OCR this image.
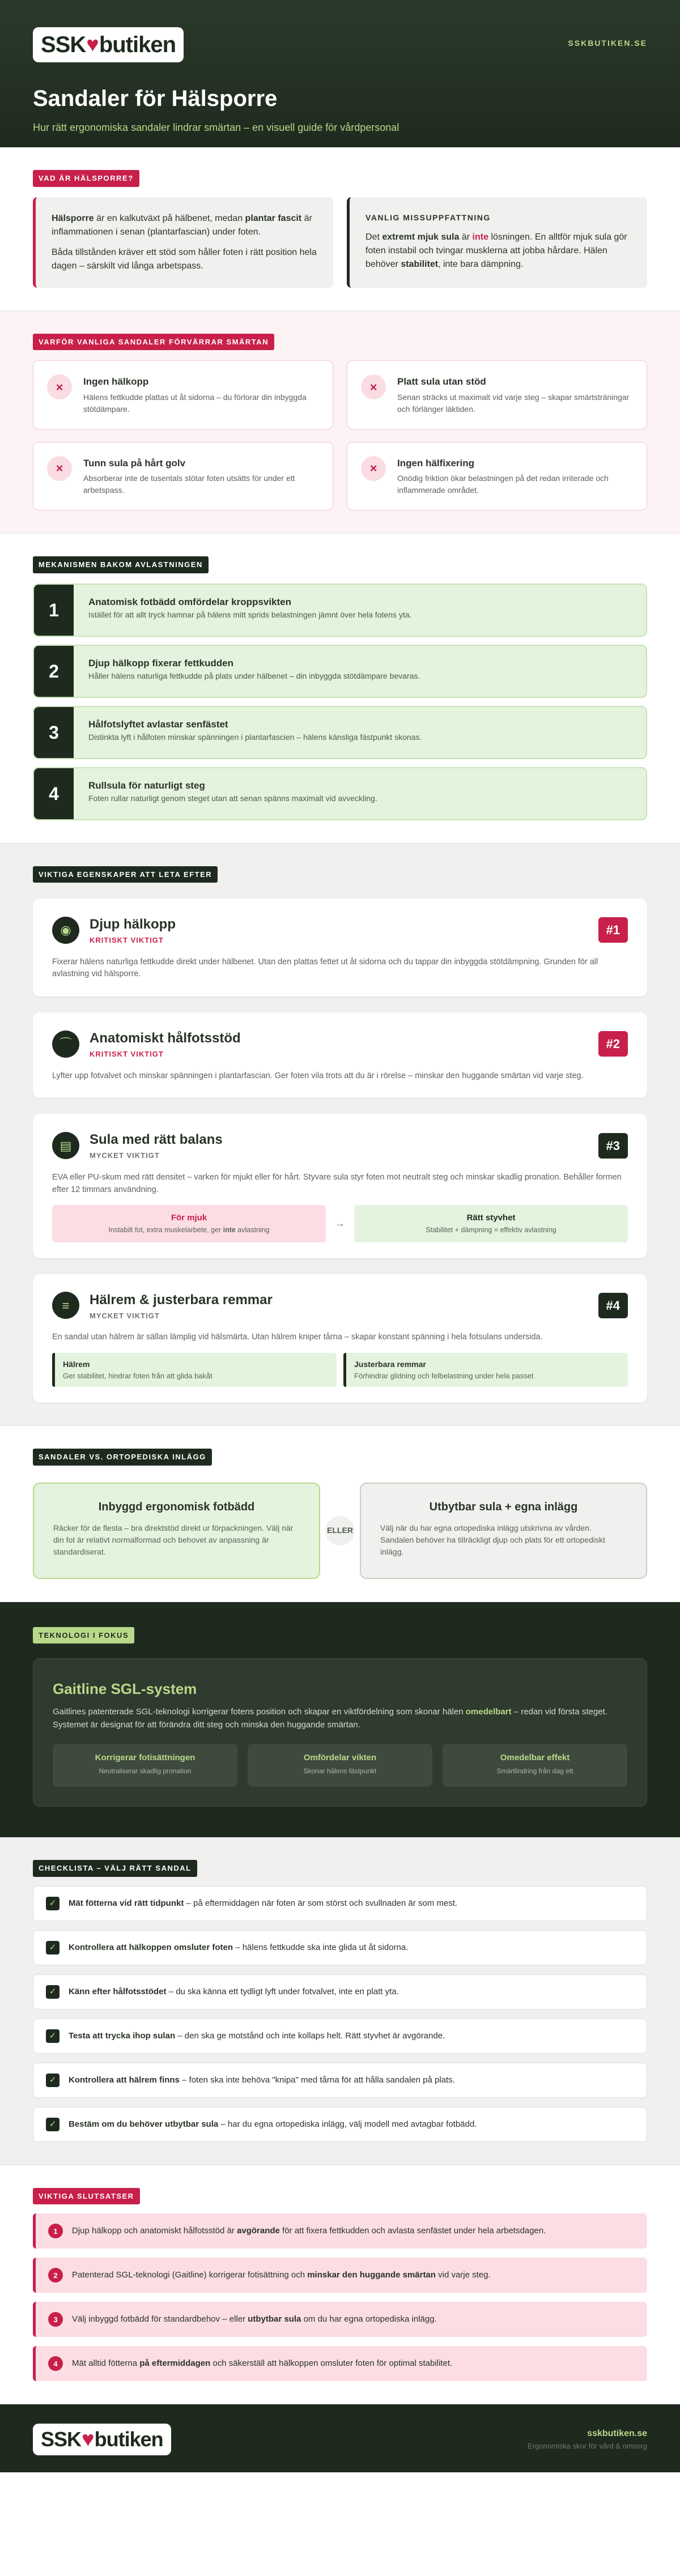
SSK ♥ butiken	SSKBUTIKEN.SE
Sandaler för Hälsporre
Hur rätt ergonomiska sandaler lindrar smärtan – en visuell guide för vårdpersonal
VAD ÄR HÄLSPORRE?

Hälsporre är en kalkutväxt på hälbenet, medan plantar fascit är inflammationen i senan (plantarfascian) under foten.

Båda tillstånden kräver ett stöd som håller foten i rätt position hela dagen – särskilt vid långa arbetspass.

VANLIG MISSUPPFATTNING

Det extremt mjuk sula är inte lösningen. En alltför mjuk sula gör foten instabil och tvingar musklerna att jobba hårdare. Hälen behöver stabilitet, inte bara dämpning.

VARFÖR VANLIGA SANDALER FÖRVÄRRAR SMÄRTAN
×	Ingen hälkopp

Hälens fettkudde plattas ut åt sidorna – du förlorar din inbyggda stötdämpare.

×	Platt sula utan stöd

Senan sträcks ut maximalt vid varje steg – skapar smärtsträningar och förlänger läktiden.

×	Tunn sula på hårt golv

Absorberar inte de tusentals stötar foten utsätts för under ett arbetspass.

×	Ingen hälfixering

Onödig friktion ökar belastningen på det redan irriterade och inflammerade området.

MEKANISMEN BAKOM AVLASTNINGEN
1	Anatomisk fotbädd omfördelar kroppsvikten

Istället för att allt tryck hamnar på hälens mitt sprids belastningen jämnt över hela fotens yta.

2	Djup hälkopp fixerar fettkudden

Håller hälens naturliga fettkudde på plats under hälbenet – din inbyggda stötdämpare bevaras.

3	Hålfotslyftet avlastar senfästet

Distinkta lyft i hålfoten minskar spänningen i plantarfascien – hälens känsliga fästpunkt skonas.

4	Rullsula för naturligt steg

Foten rullar naturligt genom steget utan att senan spänns maximalt vid avveckling.

VIKTIGA EGENSKAPER ATT LETA EFTER
◉	Djup hälkopp
KRITISKT VIKTIGT
#1

Fixerar hälens naturliga fettkudde direkt under hälbenet. Utan den plattas fettet ut åt sidorna och du tappar din inbyggda stötdämpning. Grunden för all avlastning vid hälsporre.

⌒	Anatomiskt hålfotsstöd
KRITISKT VIKTIGT
#2

Lyfter upp fotvalvet och minskar spänningen i plantarfascian. Ger foten vila trots att du är i rörelse – minskar den huggande smärtan vid varje steg.

▤	Sula med rätt balans
MYCKET VIKTIGT
#3

EVA eller PU-skum med rätt densitet – varken för mjukt eller för hårt. Styvare sula styr foten mot neutralt steg och minskar skadlig pronation. Behåller formen efter 12 timmars användning.

För mjuk

Instabilt fot, extra muskelarbete, ger inte avlastning

→	Rätt styvhet

Stabilitet + dämpning = effektiv avlastning

≡	Hälrem & justerbara remmar
MYCKET VIKTIGT
#4

En sandal utan hälrem är sällan lämplig vid hälsmärta. Utan hälrem kniper tårna – skapar konstant spänning i hela fotsulans undersida.

Hälrem

Ger stabilitet, hindrar foten från att glida bakåt

Justerbara remmar

Förhindrar glidning och felbelastning under hela passet

SANDALER VS. ORTOPEDISKA INLÄGG
Inbyggd ergonomisk fotbädd

Räcker för de flesta – bra direktstöd direkt ur förpackningen. Välj när din fot är relativt normalformad och behovet av anpassning är standardiserat.

ELLER
Utbytbar sula + egna inlägg

Välj när du har egna ortopediska inlägg utskrivna av vården. Sandalen behöver ha tillräckligt djup och plats för ett ortopediskt inlägg.

TEKNOLOGI I FOKUS
Gaitline SGL-system

Gaitlines patenterade SGL-teknologi korrigerar fotens position och skapar en viktfördelning som skonar hälen omedelbart – redan vid första steget. Systemet är designat för att förändra ditt steg och minska den huggande smärtan.

Korrigerar fotisättningen

Neutraliserar skadlig pronation

Omfördelar vikten

Skonar hälens fästpunkt

Omedelbar effekt

Smärtlindring från dag ett

CHECKLISTA – VÄLJ RÄTT SANDAL
✓	Mät fötterna vid rätt tidpunkt – på eftermiddagen när foten är som störst och svullnaden är som mest.
✓	Kontrollera att hälkoppen omsluter foten – hälens fettkudde ska inte glida ut åt sidorna.
✓	Känn efter hålfotsstödet – du ska känna ett tydligt lyft under fotvalvet, inte en platt yta.
✓	Testa att trycka ihop sulan – den ska ge motstånd och inte kollaps helt. Rätt styvhet är avgörande.
✓	Kontrollera att hälrem finns – foten ska inte behöva "knipa" med tårna för att hålla sandalen på plats.
✓	Bestäm om du behöver utbytbar sula – har du egna ortopediska inlägg, välj modell med avtagbar fotbädd.
VIKTIGA SLUTSATSER
1	Djup hälkopp och anatomiskt hålfotsstöd är avgörande för att fixera fettkudden och avlasta senfästet under hela arbetsdagen.
2	Patenterad SGL-teknologi (Gaitline) korrigerar fotisättning och minskar den huggande smärtan vid varje steg.
3	Välj inbyggd fotbädd för standardbehov – eller utbytbar sula om du har egna ortopediska inlägg.
4	Mät alltid fötterna på eftermiddagen och säkerställ att hälkoppen omsluter foten för optimal stabilitet.
SSK ♥ butiken	sskbutiken.se
Ergonomiska skor för vård & omsorg
